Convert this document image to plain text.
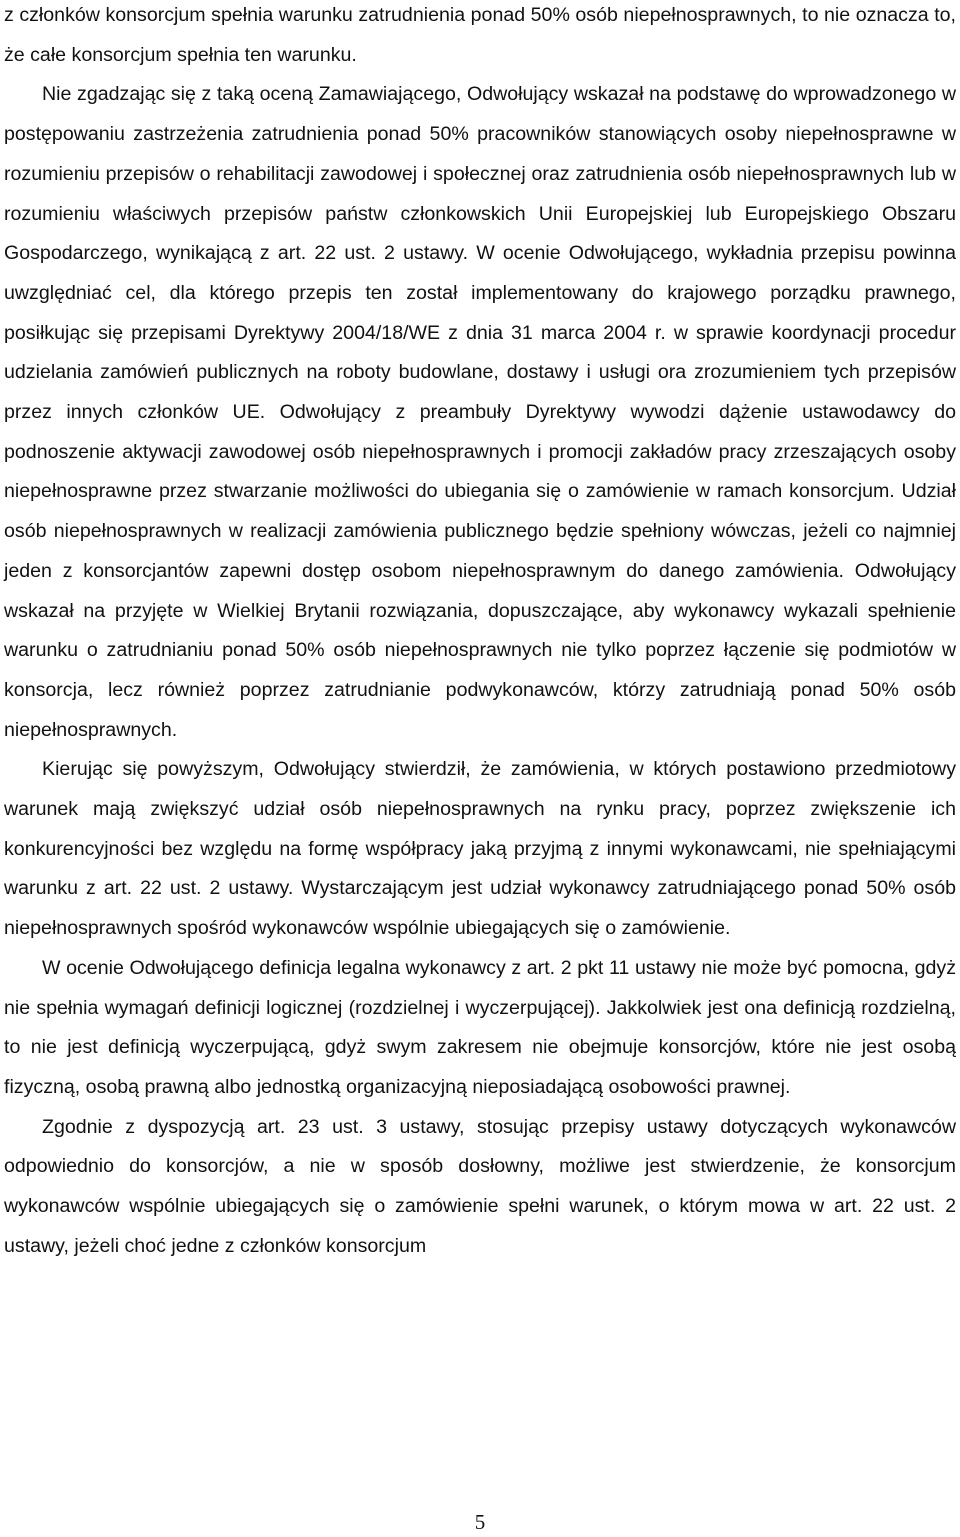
z członków konsorcjum spełnia warunku zatrudnienia ponad 50% osób niepełnosprawnych, to nie oznacza to, że całe konsorcjum spełnia ten warunku.

Nie zgadzając się z taką oceną Zamawiającego, Odwołujący wskazał na podstawę do wprowadzonego w postępowaniu zastrzeżenia zatrudnienia ponad 50% pracowników stanowiących osoby niepełnosprawne w rozumieniu przepisów o rehabilitacji zawodowej i społecznej oraz zatrudnienia osób niepełnosprawnych lub w rozumieniu właściwych przepisów państw członkowskich Unii Europejskiej lub Europejskiego Obszaru Gospodarczego, wynikającą z art. 22 ust. 2 ustawy. W ocenie Odwołującego, wykładnia przepisu powinna uwzględniać cel, dla którego przepis ten został implementowany do krajowego porządku prawnego, posiłkując się przepisami Dyrektywy 2004/18/WE z dnia 31 marca 2004 r. w sprawie koordynacji procedur udzielania zamówień publicznych na roboty budowlane, dostawy i usługi ora zrozumieniem tych przepisów przez innych członków UE. Odwołujący z preambuły Dyrektywy wywodzi dążenie ustawodawcy do podnoszenie aktywacji zawodowej osób niepełnosprawnych i promocji zakładów pracy zrzeszających osoby niepełnosprawne przez stwarzanie możliwości do ubiegania się o zamówienie w ramach konsorcjum. Udział osób niepełnosprawnych w realizacji zamówienia publicznego będzie spełniony wówczas, jeżeli co najmniej jeden z konsorcjantów zapewni dostęp osobom niepełnosprawnym do danego zamówienia. Odwołujący wskazał na przyjęte w Wielkiej Brytanii rozwiązania, dopuszczające, aby wykonawcy wykazali spełnienie warunku o zatrudnianiu ponad 50% osób niepełnosprawnych nie tylko poprzez łączenie się podmiotów w konsorcja, lecz również poprzez zatrudnianie podwykonawców, którzy zatrudniają ponad 50% osób niepełnosprawnych.

Kierując się powyższym, Odwołujący stwierdził, że zamówienia, w których postawiono przedmiotowy warunek mają zwiększyć udział osób niepełnosprawnych na rynku pracy, poprzez zwiększenie ich konkurencyjności bez względu na formę współpracy jaką przyjmą z innymi wykonawcami, nie spełniającymi warunku z art. 22 ust. 2 ustawy. Wystarczającym jest udział wykonawcy zatrudniającego ponad 50% osób niepełnosprawnych spośród wykonawców wspólnie ubiegających się o zamówienie.

W ocenie Odwołującego definicja legalna wykonawcy z art. 2 pkt 11 ustawy nie może być pomocna, gdyż nie spełnia wymagań definicji logicznej (rozdzielnej i wyczerpującej). Jakkolwiek jest ona definicją rozdzielną, to nie jest definicją wyczerpującą, gdyż swym zakresem nie obejmuje konsorcjów, które nie jest osobą fizyczną, osobą prawną albo jednostką organizacyjną nieposiadającą osobowości prawnej.

Zgodnie z dyspozycją art. 23 ust. 3 ustawy, stosując przepisy ustawy dotyczących wykonawców odpowiednio do konsorcjów, a nie w sposób dosłowny, możliwe jest stwierdzenie, że konsorcjum wykonawców wspólnie ubiegających się o zamówienie spełni warunek, o którym mowa w art. 22 ust. 2 ustawy, jeżeli choć jedne z członków konsorcjum

5
